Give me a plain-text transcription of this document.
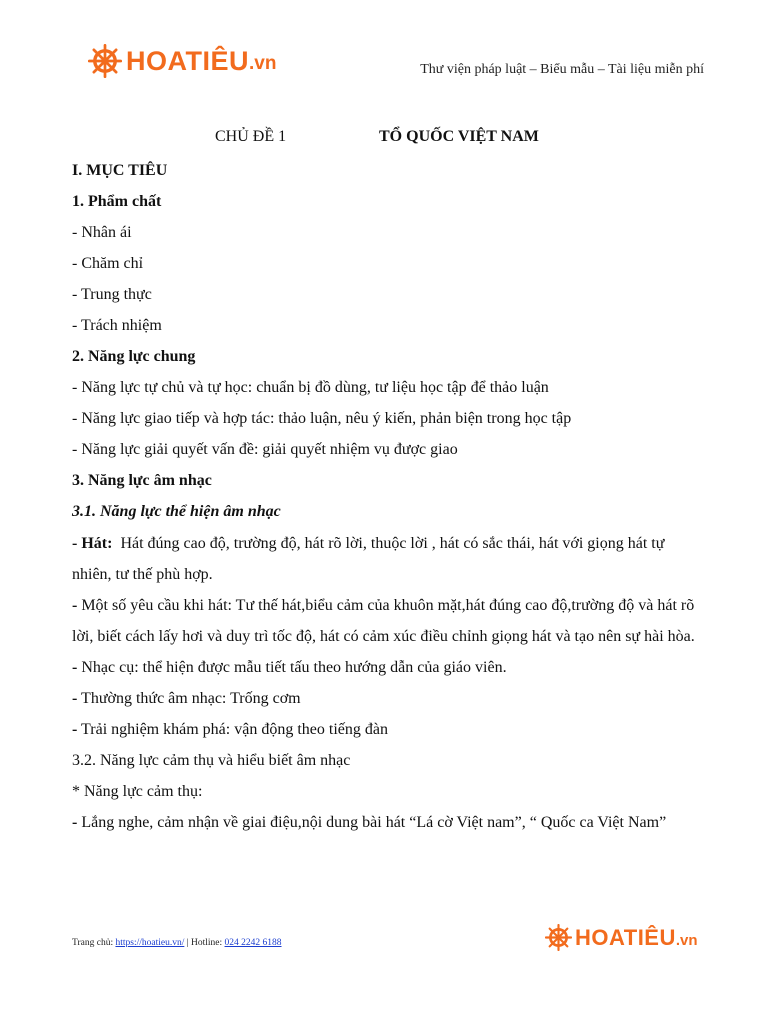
HOATIÊU .vn	Thư viện pháp luật – Biểu mẫu – Tài liệu miễn phí
CHỦ ĐỀ 1	TỔ QUỐC VIỆT NAM
I. MỤC TIÊU
1. Phẩm chất
- Nhân ái
- Chăm chỉ
- Trung thực
- Trách nhiệm
2. Năng lực chung
- Năng lực tự chủ và tự học: chuẩn bị đồ dùng, tư liệu học tập để thảo luận
- Năng lực giao tiếp và hợp tác: thảo luận, nêu ý kiến, phản biện trong học tập
- Năng lực giải quyết vấn đề: giải quyết nhiệm vụ được giao
3. Năng lực âm nhạc
3.1. Năng lực thể hiện âm nhạc
- Hát: Hát đúng cao độ, trường độ, hát rõ lời, thuộc lời , hát có sắc thái, hát với giọng hát tự nhiên, tư thế phù hợp.
- Một số yêu cầu khi hát: Tư thế hát,biểu cảm của khuôn mặt,hát đúng cao độ,trường độ và hát rõ lời, biết cách lấy hơi và duy trì tốc độ, hát có cảm xúc điều chỉnh giọng hát và tạo nên sự hài hòa.
- Nhạc cụ: thể hiện được mẫu tiết tấu theo hướng dẫn của giáo viên.
- Thường thức âm nhạc: Trống cơm
- Trải nghiệm khám phá: vận động theo tiếng đàn
3.2. Năng lực cảm thụ và hiểu biết âm nhạc
* Năng lực cảm thụ:
- Lắng nghe, cảm nhận về giai điệu,nội dung bài hát “Lá cờ Việt nam”, “ Quốc ca Việt Nam”
Trang chủ: https://hoatieu.vn/ | Hotline: 024 2242 6188	HOATIÊU .vn
